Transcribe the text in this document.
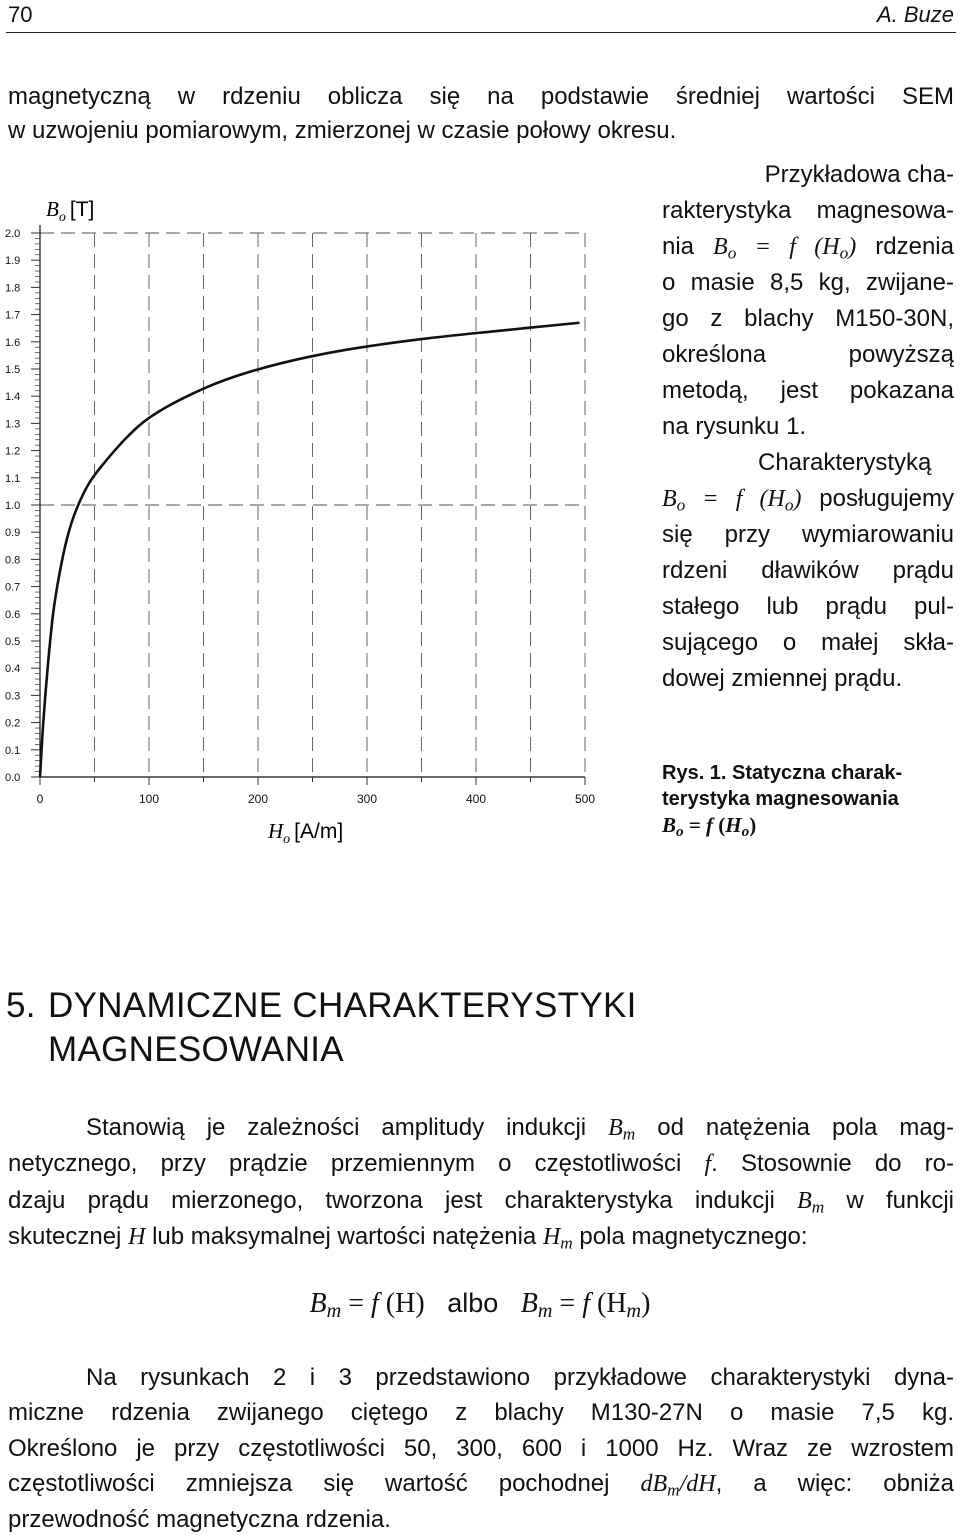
70	A. Buze
magnetyczną w rdzeniu oblicza się na podstawie średniej wartości SEM
w uzwojeniu pomiarowym, zmierzonej w czasie połowy okresu.
0.0
0.1
0.2
0.3
0.4
0.5
0.6
0.7
0.8
0.9
1.0
1.1
1.2
1.3
1.4
1.5
1.6
1.7
1.8
1.9
2.0
0	100	200	300	400	500
$B_o$ [T]
$H_o$ [A/m]
Przykładowa cha-
rakterystyka magnesowa-
nia $B_o = f$ $(H_o)$ rdzenia
o masie 8,5 kg, zwijane-
go z blachy M150-30N,
określona powyższą
metodą, jest pokazana
na rysunku 1.
Charakterystyką
$B_o = f$ $(H_o)$ posługujemy
się przy wymiarowaniu
rdzeni dławików prądu
stałego lub prądu pul-
sującego o małej skła-
dowej zmiennej prądu.
Rys. 1. Statyczna charak-
terystyka magnesowania
$B_o = f$ $(H_o)$
5. DYNAMICZNE CHARAKTERYSTYKI
MAGNESOWANIA
Stanowią je zależności amplitudy indukcji $B_m$ od natężenia pola mag-
netycznego, przy prądzie przemiennym o częstotliwości f. Stosownie do ro-
dzaju prądu mierzonego, tworzona jest charakterystyka indukcji $B_m$ w funkcji
skutecznej H lub maksymalnej wartości natężenia $H_m$ pola magnetycznego:
$B_m = f$ (H) albo $B_m = f$ $(H_m)$
Na rysunkach 2 i 3 przedstawiono przykładowe charakterystyki dyna-
miczne rdzenia zwijanego ciętego z blachy M130-27N o masie 7,5 kg.
Określono je przy częstotliwości 50, 300, 600 i 1000 Hz. Wraz ze wzrostem
częstotliwości zmniejsza się wartość pochodnej $dB_m/dH$, a więc: obniża
przewodność magnetyczna rdzenia.
